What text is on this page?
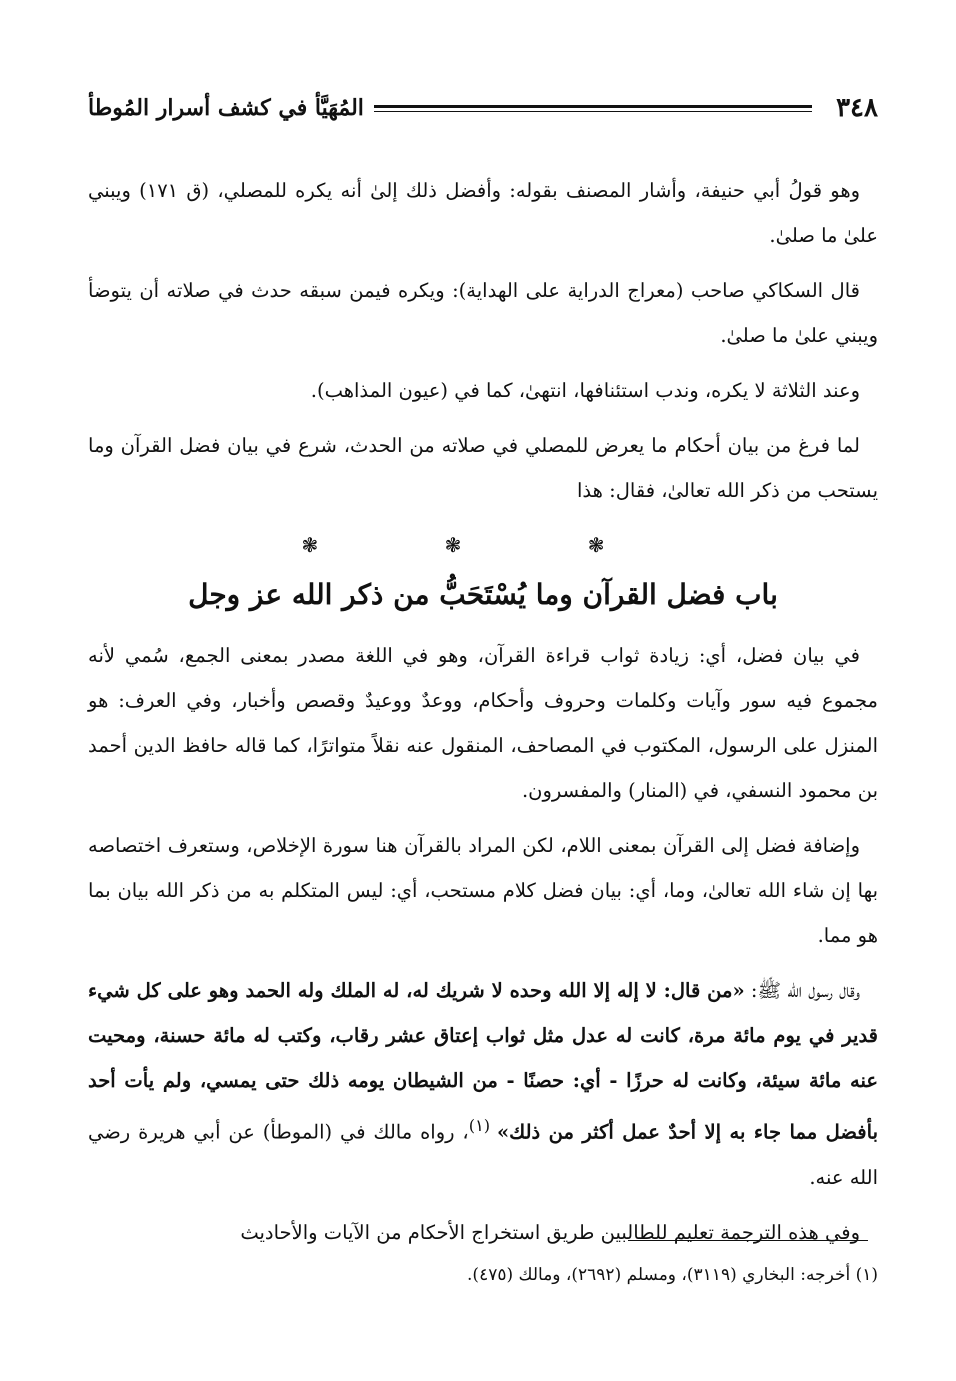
٣٤٨
المُهَيَّأ في كشف أسرار المُوطأ

وهو قولُ أبي حنيفة، وأشار المصنف بقوله: وأفضل ذلك إلىٰ أنه يكره للمصلي، (ق ١٧١) ويبني علىٰ ما صلىٰ.

قال السكاكي صاحب (معراج الدراية على الهداية): ويكره فيمن سبقه حدث في صلاته أن يتوضأ ويبني علىٰ ما صلىٰ.

وعند الثلاثة لا يكره، وندب استئنافها، انتهىٰ، كما في (عيون المذاهب).

لما فرغ من بيان أحكام ما يعرض للمصلي في صلاته من الحدث، شرع في بيان فضل القرآن وما يستحب من ذكر الله تعالىٰ، فقال: هذا

❃ ❃ ❃
باب فضل القرآن وما يُسْتَحَبُّ من ذكر الله عز وجل

في بيان فضل، أي: زيادة ثواب قراءة القرآن، وهو في اللغة مصدر بمعنى الجمع، سُمي لأنه مجموع فيه سور وآيات وكلمات وحروف وأحكام، ووعدٌ ووعيدٌ وقصص وأخبار، وفي العرف: هو المنزل على الرسول، المكتوب في المصاحف، المنقول عنه نقلاً متواترًا، كما قاله حافظ الدين أحمد بن محمود النسفي، في (المنار) والمفسرون.

وإضافة فضل إلى القرآن بمعنى اللام، لكن المراد بالقرآن هنا سورة الإخلاص، وستعرف اختصاصه بها إن شاء الله تعالىٰ، وما، أي: بيان فضل كلام مستحب، أي: ليس المتكلم به من ذكر الله بيان بما هو مما.

وقال رسول الله ﷺ: «من قال: لا إله إلا الله وحده لا شريك له، له الملك وله الحمد وهو على كل شيء قدير في يوم مائة مرة، كانت له عدل مثل ثواب إعتاق عشر رقاب، وكتب له مائة حسنة، ومحيت عنه مائة سيئة، وكانت له حرزًا - أي: حصنًا - من الشيطان يومه ذلك حتى يمسي، ولم يأت أحد بأفضل مما جاء به إلا أحدٌ عمل أكثر من ذلك» $^{(١)}$، رواه مالك في (الموطأ) عن أبي هريرة رضي الله عنه.

وفي هذه الترجمة تعليم للطالبين طريق استخراج الأحكام من الآيات والأحاديث

(١) أخرجه: البخاري (٣١١٩)، ومسلم (٢٦٩٢)، ومالك (٤٧٥).
